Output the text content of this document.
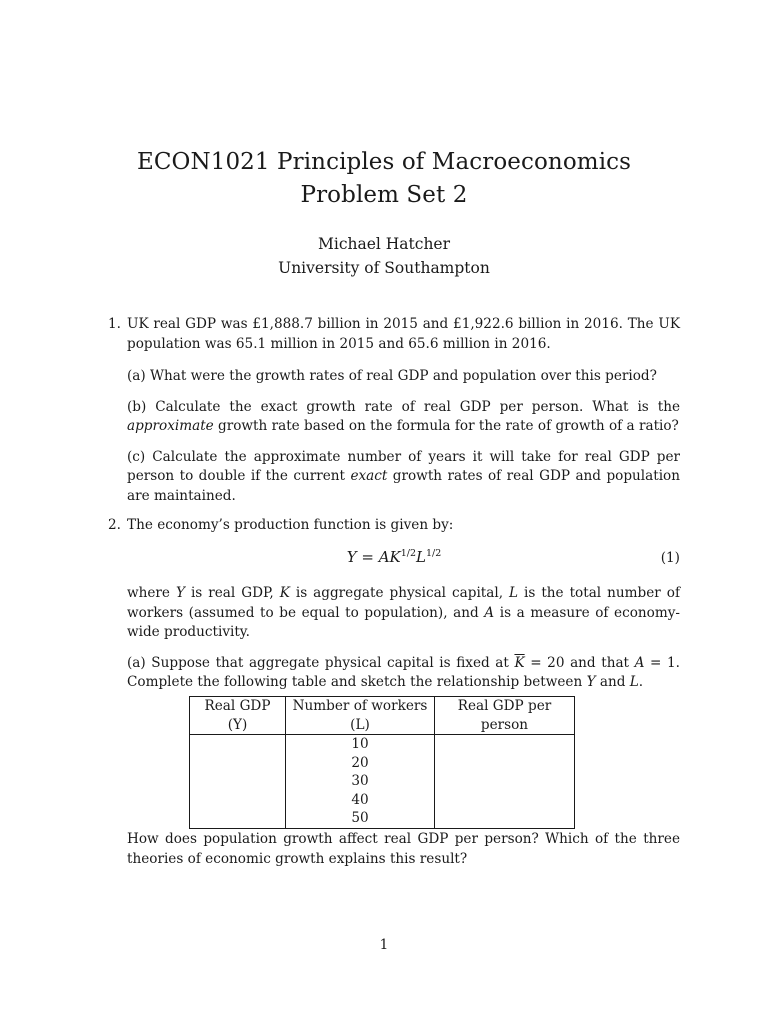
ECON1021 Principles of Macroeconomics
Problem Set 2
Michael Hatcher
University of Southampton
1. UK real GDP was £1,888.7 billion in 2015 and £1,922.6 billion in 2016. The UK population was 65.1 million in 2015 and 65.6 million in 2016.

(a) What were the growth rates of real GDP and population over this period?

(b) Calculate the exact growth rate of real GDP per person. What is the approximate growth rate based on the formula for the rate of growth of a ratio?

(c) Calculate the approximate number of years it will take for real GDP per person to double if the current exact growth rates of real GDP and population are maintained.

2. The economy’s production function is given by:

$Y = AK^{1/2}L^{1/2}$	(1)

where Y is real GDP, K is aggregate physical capital, L is the total number of workers (assumed to be equal to population), and A is a measure of economy-wide productivity.

(a) Suppose that aggregate physical capital is fixed at $\overline{K} = 20$ and that A = 1. Complete the following table and sketch the relationship between Y and L.

Real GDP (Y)	Number of workers (L)	Real GDP per person
	10	
	20	
	30	
	40	
	50	

How does population growth affect real GDP per person? Which of the three theories of economic growth explains this result?

1
